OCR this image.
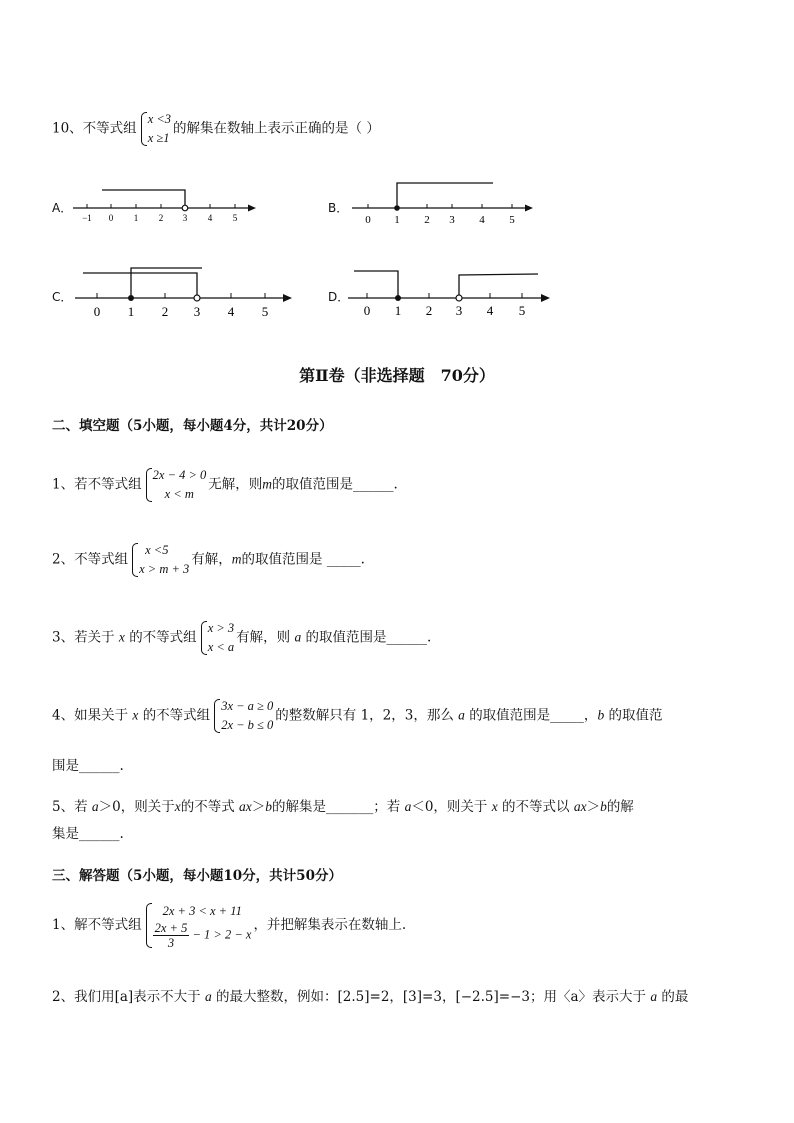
10、不等式组
x <3
x ≥1
的解集在数轴上表示正确的是（ ）
A．
−1 0 1 2 3 4 5
B．
0 1 2 3 4 5
C．
0 1 2 3 4 5
D．
0 1 2 3 4 5
第Ⅱ卷（非选择题　70分）
二、填空题（5小题，每小题4分，共计20分）
1、若不等式组
2x − 4 > 0
x < m
无解，则m的取值范围是______.
2、不等式组
x <5
x > m + 3
有解，m的取值范围是 _____.
3、若关于 x 的不等式组
x > 3
x < a
有解，则 a 的取值范围是______.
4、如果关于 x 的不等式组
3x − a ≥ 0
2x − b ≤ 0
的整数解只有 1，2，3，那么 a 的取值范围是_____，b 的取值范
围是______.
5、若 a＞0，则关于x的不等式 ax＞b的解集是_______；若 a＜0，则关于 x 的不等式以 ax＞b的解
集是______.
三、解答题（5小题，每小题10分，共计50分）
1、解不等式组
2x + 3 < x + 11
$\frac{2x + 5}{3} - 1 > 2 - x$
，并把解集表示在数轴上.
2、我们用[a]表示不大于 a 的最大整数，例如：[2.5]=2，[3]=3，[−2.5]=−3；用〈a〉表示大于 a 的最
